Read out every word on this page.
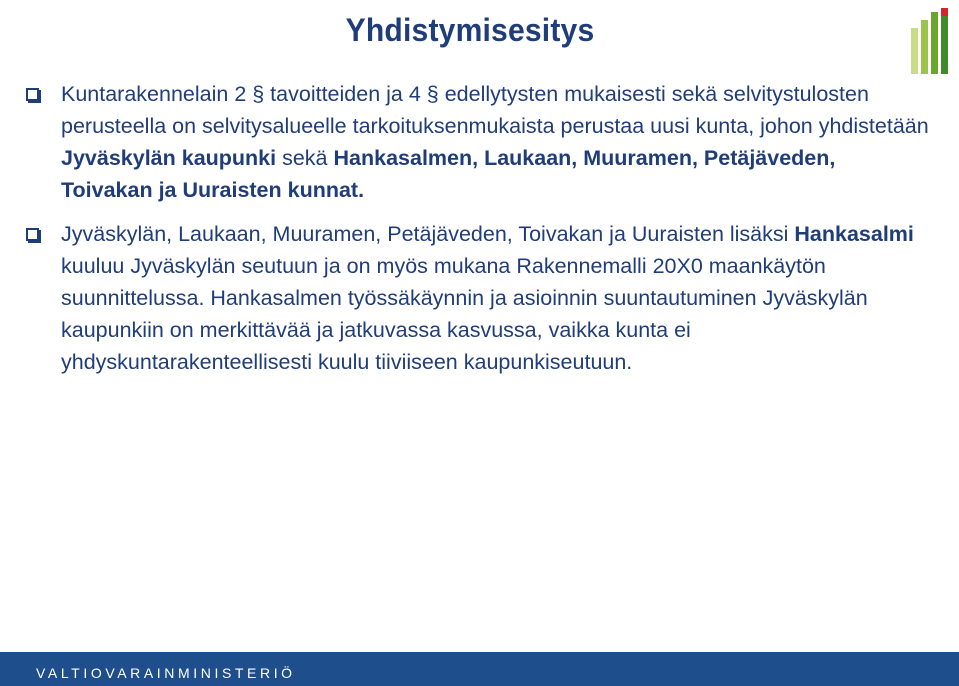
Yhdistymisesitys
Kuntarakennelain 2 § tavoitteiden ja 4 § edellytysten mukaisesti sekä selvitystulosten perusteella on selvitysalueelle tarkoituksenmukaista perustaa uusi kunta, johon yhdistetään Jyväskylän kaupunki sekä Hankasalmen, Laukaan, Muuramen, Petäjäveden, Toivakan ja Uuraisten kunnat.
Jyväskylän, Laukaan, Muuramen, Petäjäveden, Toivakan ja Uuraisten lisäksi Hankasalmi kuuluu Jyväskylän seutuun ja on myös mukana Rakennemalli 20X0 maankäytön suunnittelussa. Hankasalmen työssäkäynnin ja asioinnin suuntautuminen Jyväskylän kaupunkiin on merkittävää ja jatkuvassa kasvussa, vaikka kunta ei yhdyskuntarakenteellisesti kuulu tiiviiseen kaupunkiseutuun.
VALTIOVARAINMINISTERIÖ
